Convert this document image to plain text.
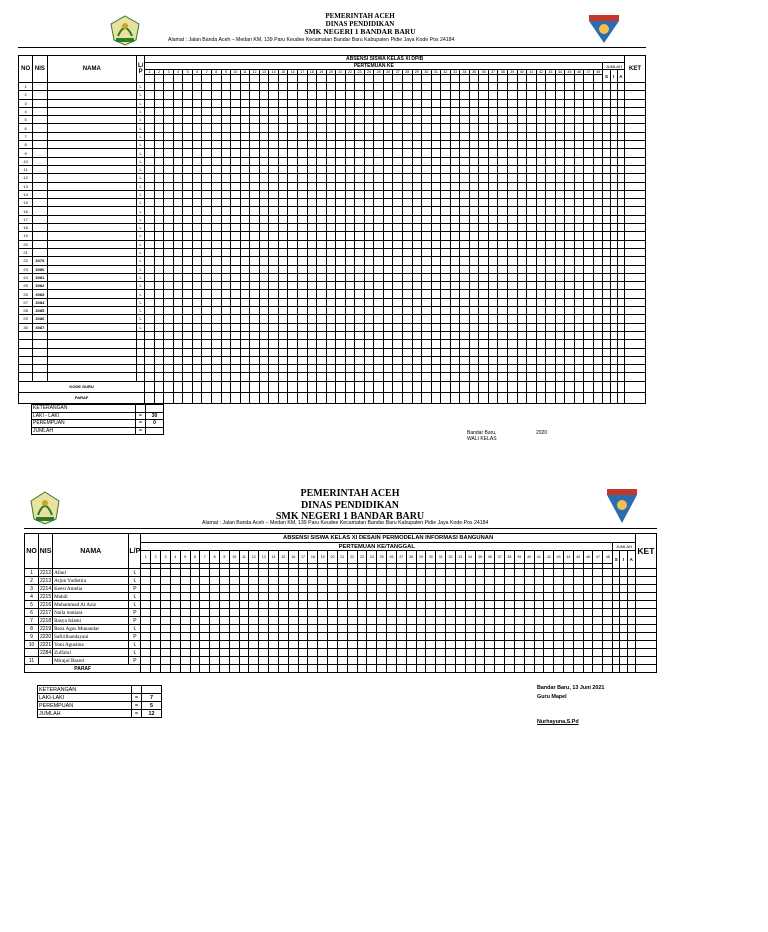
PEMERINTAH ACEH
DINAS PENDIDIKAN
SMK NEGERI 1 BANDAR BARU
Alamat : Jalan Banda Aceh – Medan KM, 139 Paru Keudee Kecamatan Bandar Baru Kabupaten Pidie Jaya Kode Pos 24184
NO	NIS	NAMA	L/ P	ABSENSI SISWA KELAS XI DPIB																																																			KET
				PERTEMUAN KE																																																JUMLAH			
				1	2	3	4	5	6	7	8	9	10	11	12	13	14	15	16	17	18	19	20	21	22	23	24	25	26	27	28	29	30	31	32	33	34	35	36	37	38	39	40	41	42	43	44	45	46	47	48	S	I	A	

1			L																																																				
2			L																																																				
3			L																																																				
4			L																																																				
5			L																																																				
6			L																																																				
7			L																																																				
8			L																																																				
9			L																																																				
10			L																																																				
11			L																																																				
12			L																																																				
13			L																																																				
14			L																																																				
15			L																																																				
16			L																																																				
17			L																																																				
18			L																																																				
19			L																																																				
20			L																																																				
21			L																																																				
22	3079		L																																																				
23	3080		L																																																				
24	3081		L																																																				
25	3082		L																																																				
26	3083		L																																																				
27	3084		L																																																				
28	3085		L																																																				
29	3086		L																																																				
30	3087		L																																																				

KODE GURU																																																							
PARAF																																																							
KETERANGAN		
LAKI - LAKI	=	30
PEREMPUAN	=	0
JUMLAH	=		Bandar Baru,	2020
WALI KELAS
PEMERINTAH ACEH
DINAS PENDIDIKAN
SMK NEGERI 1 BANDAR BARU
Alamat : Jalan Banda Aceh – Medan KM, 139 Paru Keudee Kecamatan Bandar Baru Kabupaten Pidie Jaya Kode Pos 24184
NO	NIS	NAMA	L/P	ABSENSI SISWA KELAS XI DESAIN PERMODELAN INFORMASI BANGUNAN																																																			KET
				PERTEMUAN KE/TANGGAL																																																JUMLAH			
				1	2	3	4	5	6	7	8	9	10	11	12	13	14	15	16	17	18	19	20	21	22	23	24	25	26	27	28	29	30	31	32	33	34	35	36	37	38	39	40	41	42	43	44	45	46	47	48	S	I	A	

1	2212	Afaul	L																																																				
2	2213	Arjun Yudistira	L																																																				
3	2214	Keesi Amelia	P																																																				
4	2215	Mahdi	L																																																				
5	2216	Muhammad Al Aziz	L																																																				
6	2217	Naila mutiara	P																																																				
7	2218	Rasya Islami	P																																																				
8	2219	Reza Agus Munandar	L																																																				
9	2220	Safirilhandayani	P																																																				
10	2221	Yoni Agustina	L																																																				
	2284	Zulfahri	L																																																				
11		Mirajul Basori	P																																																				
PARAF																																																							
KETERANGAN		
LAKI-LAKI	=	7
PEREMPUAN	=	5
JUMLAH	=	12
Bandar Baru, 13 Juni 2021
Guru Mapel
Nurhayuna,S.Pd
